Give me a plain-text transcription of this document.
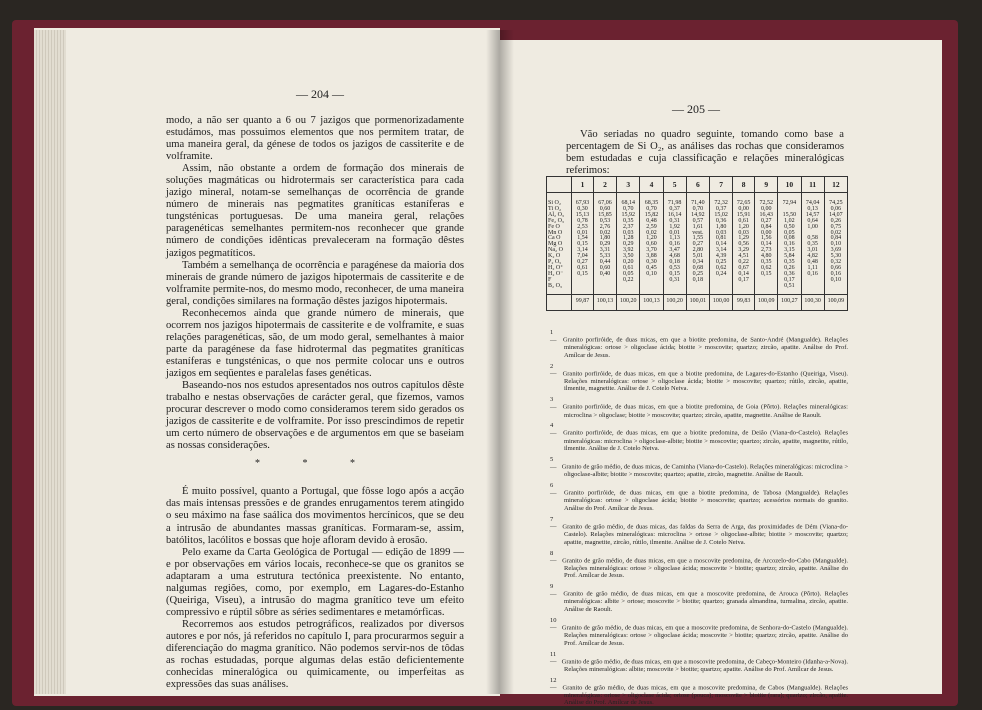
— 204 —

modo, a não ser quanto a 6 ou 7 jazigos que pormenorizadamente estudámos, mas possuimos elementos que nos permitem tratar, de uma maneira geral, da génese de todos os jazigos de cassiterite e de volframite.

Assim, não obstante a ordem de formação dos minerais de soluções magmáticas ou hidrotermais ser característica para cada jazigo mineral, notam-se semelhanças de ocorrência de grande número de minerais nas pegmatites graníticas estaníferas e tungsténicas portuguesas. De uma maneira geral, relações paragenéticas semelhantes permitem-nos reconhecer que grande número de condições idênticas prevaleceram na formação dêstes jazigos pegmatíticos.

Também a semelhança de ocorrência e paragénese da maioria dos minerais de grande número de jazigos hipotermais de cassiterite e de volframite permite-nos, do mesmo modo, reconhecer, de uma maneira geral, condições similares na formação dêstes jazigos hipotermais.

Reconhecemos ainda que grande número de minerais, que ocorrem nos jazigos hipotermais de cassiterite e de volframite, e suas relações paragenéticas, são, de um modo geral, semelhantes à maior parte da paragénese da fase hidrotermal das pegmatites graníticas estaníferas e tungsténicas, o que nos permite colocar uns e outros jazigos em seqüentes e paralelas fases genéticas.

Baseando-nos nos estudos apresentados nos outros capítulos dêste trabalho e nestas observações de carácter geral, que fizemos, vamos procurar descrever o modo como consideramos terem sido gerados os jazigos de cassiterite e de volframite. Por isso prescindimos de repetir um certo número de observações e de argumentos em que se baseiam as nossas considerações.

* * *

É muito possível, quanto a Portugal, que fôsse logo após a acção das mais intensas pressões e de grandes enrugamentos terem atingido o seu máximo na fase saálica dos movimentos hercínicos, que se deu a intrusão de abundantes massas graníticas. Formaram-se, assim, batólitos, lacólitos e bossas que hoje afloram devido à erosão.

Pelo exame da Carta Geológica de Portugal — edição de 1899 — e por observações em vários locais, reconhece-se que os granitos se adaptaram a uma estrutura tectónica preexistente. No entanto, nalgumas regiões, como, por exemplo, em Lagares-do-Estanho (Queiriga, Viseu), a intrusão do magma granítico teve um efeito compressivo e rúptil sôbre as séries sedimentares e metamórficas.

Recorremos aos estudos petrográficos, realizados por diversos autores e por nós, já referidos no capítulo I, para procurarmos seguir a diferenciação do magma granítico. Não podemos servir-nos de tôdas as rochas estudadas, porque algumas delas estão deficientemente conhecidas mineralógica ou quimicamente, ou imperfeitas as expressões das suas análises.

— 205 —

Vão seriadas no quadro seguinte, tomando como base a percentagem de Si O₂, as análises das rochas que consideramos bem estudadas e cuja classificação e relações mineralógicas referimos:

	1	2	3	4	5	6	7	8	9	10	11	12
Si O₂	67,93	67,06	68,14	68,35	71,98	71,40	72,32	72,65	72,52	72,94	74,04	74,25
Ti O₂	0,30	0,60	0,70	0,70	0,37	0,70	0,37	0,00	0,00		0,13	0,06
Al₂ O₃	15,13	15,85	15,92	15,82	16,14	14,92	15,02	15,91	16,43	15,50	14,57	14,07
Fe₂ O₃	0,78	0,53	0,35	0,48	0,31	0,57	0,36	0,61	0,27	1,02	0,64	0,26
Fe O	2,53	2,76	2,37	2,59	1,92	1,61	1,80	1,20	0,84	0,50	1,00	0,75
Mn O	0,01	0,02	0,03	0,02	0,01	vest.	0,03	0,03	0,00	0,05		0,02
Ca O	1,54	1,80	1,28	1,20	1,13	1,55	0,81	1,29	1,56	0,08	0,58	0,84
Mg O	0,15	0,29	0,29	0,60	0,16	0,27	0,14	0,56	0,14	0,16	0,35	0,10
Na₂ O	3,14	3,31	3,92	3,70	3,47	2,80	3,14	3,29	2,73	3,15	3,01	3,69
K₂ O	7,04	5,33	3,50	3,88	4,68	5,01	4,39	4,51	4,80	5,84	4,82	5,30
P₂ O₅	0,27	0,44	0,20	0,30	0,18	0,34	0,25	0,22	0,35	0,35	0,48	0,32
H₂ O⁺	0,61	0,60	0,61	0,45	0,53	0,68	0,62	0,67	0,62	0,26	1,11	0,66
H₂ O⁻	0,15	0,40	0,05	0,10	0,15	0,25	0,24	0,14	0,15	0,36	0,16	0,16
F			0,22		0,31	0,18		0,17		0,17		0,10
B₂ O₃										0,51		
	99,87	100,13	100,20	100,13	100,20	100,01	100,00	99,83	100,09	100,27	100,30	100,09

1 — Granito porfiróide, de duas micas, em que a biotite predomina, de Santo-André (Mangualde). Relações mineralógicas: ortose > oligoclase ácida; biotite > moscovite; quartzo; zircão, apatite. Análise do Prof. Amílcar de Jesus.

2 — Granito porfiróide, de duas micas, em que a biotite predomina, de Lagares-do-Estanho (Queiriga, Viseu). Relações mineralógicas: ortose > oligoclase ácida; biotite > moscovite; quartzo; rútilo, zircão, apatite, ilmenite, magnetite. Análise de J. Cotelo Neiva.

3 — Granito porfiróide, de duas micas, em que a biotite predomina, de Goia (Pôrto). Relações mineralógicas: microclina > oligoclase; biotite > moscovite; quartzo; zircão, apatite, magnetite. Análise de Raoult.

4 — Granito porfiróide, de duas micas, em que a biotite predomina, de Deião (Viana-do-Castelo). Relações mineralógicas: microclina > oligoclase-albite; biotite > moscovite; quartzo; zircão, apatite, magnetite, rútilo, ilmenite. Análise de J. Cotelo Neiva.

5 — Granito de grão médio, de duas micas, de Caminha (Viana-do-Castelo). Relações mineralógicas: microclina > oligoclase-albite; biotite > moscovite; quartzo; apatite, zircão, magnetite. Análise de Raoult.

6 — Granito porfiróide, de duas micas, em que a biotite predomina, de Tabosa (Mangualde). Relações mineralógicas: ortose > oligoclase ácida; biotite > moscovite; quartzo; acessórios normais do granito. Análise do Prof. Amílcar de Jesus.

7 — Granito de grão médio, de duas micas, das faldas da Serra de Arga, das proximidades de Dém (Viana-do-Castelo). Relações mineralógicas: microclina > ortose > oligoclase-albite; biotite > moscovite; quartzo; apatite, magnetite, zircão, rútilo, ilmenite. Análise de J. Cotelo Neiva.

8 — Granito de grão médio, de duas micas, em que a moscovite predomina, de Arcozelo-do-Cabo (Mangualde). Relações mineralógicas: ortose > oligoclase ácida; moscovite > biotite; quartzo; zircão, apatite. Análise do Prof. Amílcar de Jesus.

9 — Granito de grão médio, de duas micas, em que a moscovite predomina, de Arouca (Pôrto). Relações mineralógicas: albite > ortose; moscovite > biotite; quartzo; granada almandina, turmalina, zircão, apatite. Análise de Raoult.

10 — Granito de grão médio, de duas micas, em que a moscovite predomina, de Senhora-do-Castelo (Mangualde). Relações mineralógicas: ortose > oligoclase ácida; moscovite > biotite; quartzo; zircão, apatite. Análise do Prof. Amílcar de Jesus.

11 — Granito de grão médio, de duas micas, em que a moscovite predomina, de Cabeço-Monteiro (Idanha-a-Nova). Relações mineralógicas: albite; moscovite > biotite; quartzo; apatite. Análise do Prof. Amílcar de Jesus.

12 — Granito de grão médio, de duas micas, em que a moscovite predomina, de Cabos (Mangualde). Relações mineralógicas: ortose > oligoclase ácida; ortose (pouca); moscovite > biotite (rara); quartzo; zircão, apatite. Análise do Prof. Amílcar de Jesus.
